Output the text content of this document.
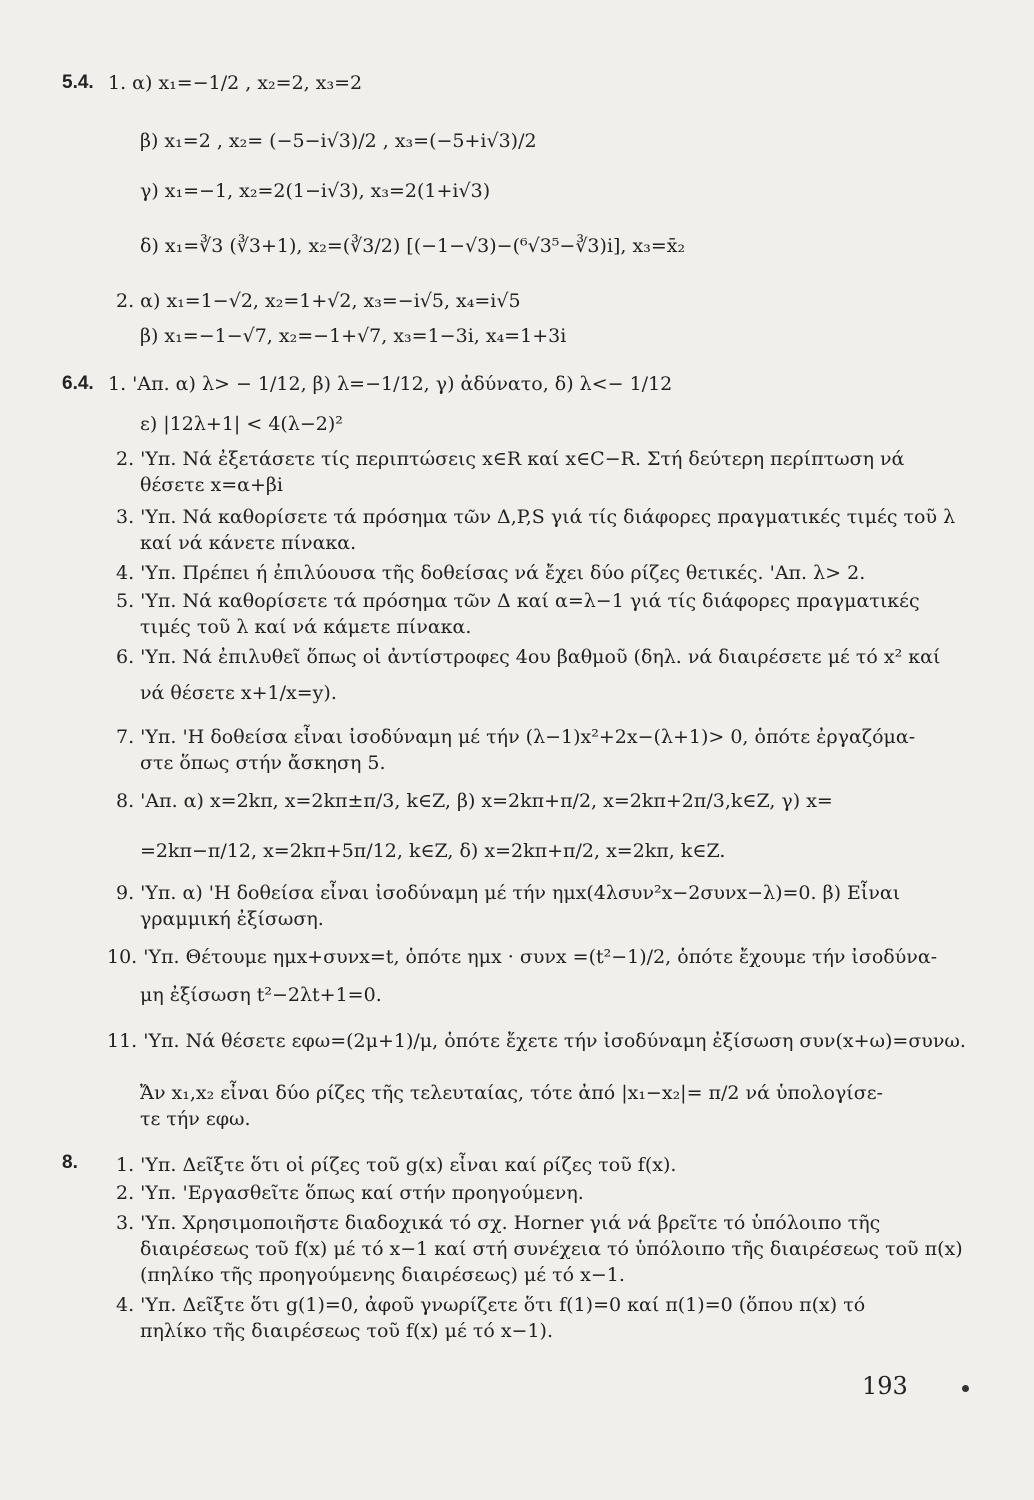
5.4. 1. α) x₁=−1/2 , x₂=2, x₃=2
β) x₁=2 , x₂= (−5−i√3)/2 , x₃=(−5+i√3)/2
γ) x₁=−1, x₂=2(1−i√3), x₃=2(1+i√3)
δ) x₁=∛3 (∛3+1), x₂=(∛3/2) [(−1−√3)−(⁶√3⁵−∛3)i], x₃=x̄₂
2. α) x₁=1−√2, x₂=1+√2, x₃=−i√5, x₄=i√5
β) x₁=−1−√7, x₂=−1+√7, x₃=1−3i, x₄=1+3i
6.4. 1. 'Απ. α) λ> − 1/12, β) λ=−1/12, γ) ἀδύνατο, δ) λ<− 1/12
ε) |12λ+1| < 4(λ−2)²
2. 'Υπ. Νά ἐξετάσετε τίς περιπτώσεις x∈R καί x∈C−R. Στή δεύτερη περίπτωση νά
θέσετε x=α+βi
3. 'Υπ. Νά καθορίσετε τά πρόσημα τῶν Δ,P,S γιά τίς διάφορες πραγματικές τιμές τοῦ λ
καί νά κάνετε πίνακα.
4. 'Υπ. Πρέπει ή ἐπιλύουσα τῆς δοθείσας νά ἔχει δύο ρίζες θετικές. 'Απ. λ> 2.
5. 'Υπ. Νά καθορίσετε τά πρόσημα τῶν Δ καί α=λ−1 γιά τίς διάφορες πραγματικές
τιμές τοῦ λ καί νά κάμετε πίνακα.
6. 'Υπ. Νά ἐπιλυθεῖ ὅπως οἱ ἀντίστροφες 4ου βαθμοῦ (δηλ. νά διαιρέσετε μέ τό x² καί
νά θέσετε x+1/x=y).
7. 'Υπ. 'Η δοθείσα εἶναι ἰσοδύναμη μέ τήν (λ−1)x²+2x−(λ+1)> 0, ὁπότε ἐργαζόμα-
στε ὅπως στήν ἄσκηση 5.
8. 'Απ. α) x=2kπ, x=2kπ±π/3, k∈Z, β) x=2kπ+π/2, x=2kπ+2π/3,k∈Z, γ) x=
=2kπ−π/12, x=2kπ+5π/12, k∈Z, δ) x=2kπ+π/2, x=2kπ, k∈Z.
9. 'Υπ. α) 'Η δοθείσα εἶναι ἰσοδύναμη μέ τήν ημx(4λσυν²x−2συνx−λ)=0. β) Εἶναι
γραμμική ἐξίσωση.
10. 'Υπ. Θέτουμε ημx+συνx=t, ὁπότε ημx · συνx =(t²−1)/2, ὁπότε ἔχουμε τήν ἰσοδύνα-
μη ἐξίσωση t²−2λt+1=0.
11. 'Υπ. Νά θέσετε εφω=(2μ+1)/μ, ὁπότε ἔχετε τήν ἰσοδύναμη ἐξίσωση συν(x+ω)=συνω.
Ἄν x₁,x₂ εἶναι δύο ρίζες τῆς τελευταίας, τότε ἀπό |x₁−x₂|= π/2 νά ὑπολογίσε-
τε τήν εφω.
8. 1. 'Υπ. Δεῖξτε ὅτι οἱ ρίζες τοῦ g(x) εἶναι καί ρίζες τοῦ f(x).
2. 'Υπ. 'Εργασθεῖτε ὅπως καί στήν προηγούμενη.
3. 'Υπ. Χρησιμοποιῆστε διαδοχικά τό σχ. Horner γιά νά βρεῖτε τό ὑπόλοιπο τῆς
διαιρέσεως τοῦ f(x) μέ τό x−1 καί στή συνέχεια τό ὑπόλοιπο τῆς διαιρέσεως τοῦ π(x)
(πηλίκο τῆς προηγούμενης διαιρέσεως) μέ τό x−1.
4. 'Υπ. Δεῖξτε ὅτι g(1)=0, ἀφοῦ γνωρίζετε ὅτι f(1)=0 καί π(1)=0 (ὅπου π(x) τό
πηλίκο τῆς διαιρέσεως τοῦ f(x) μέ τό x−1).
193
